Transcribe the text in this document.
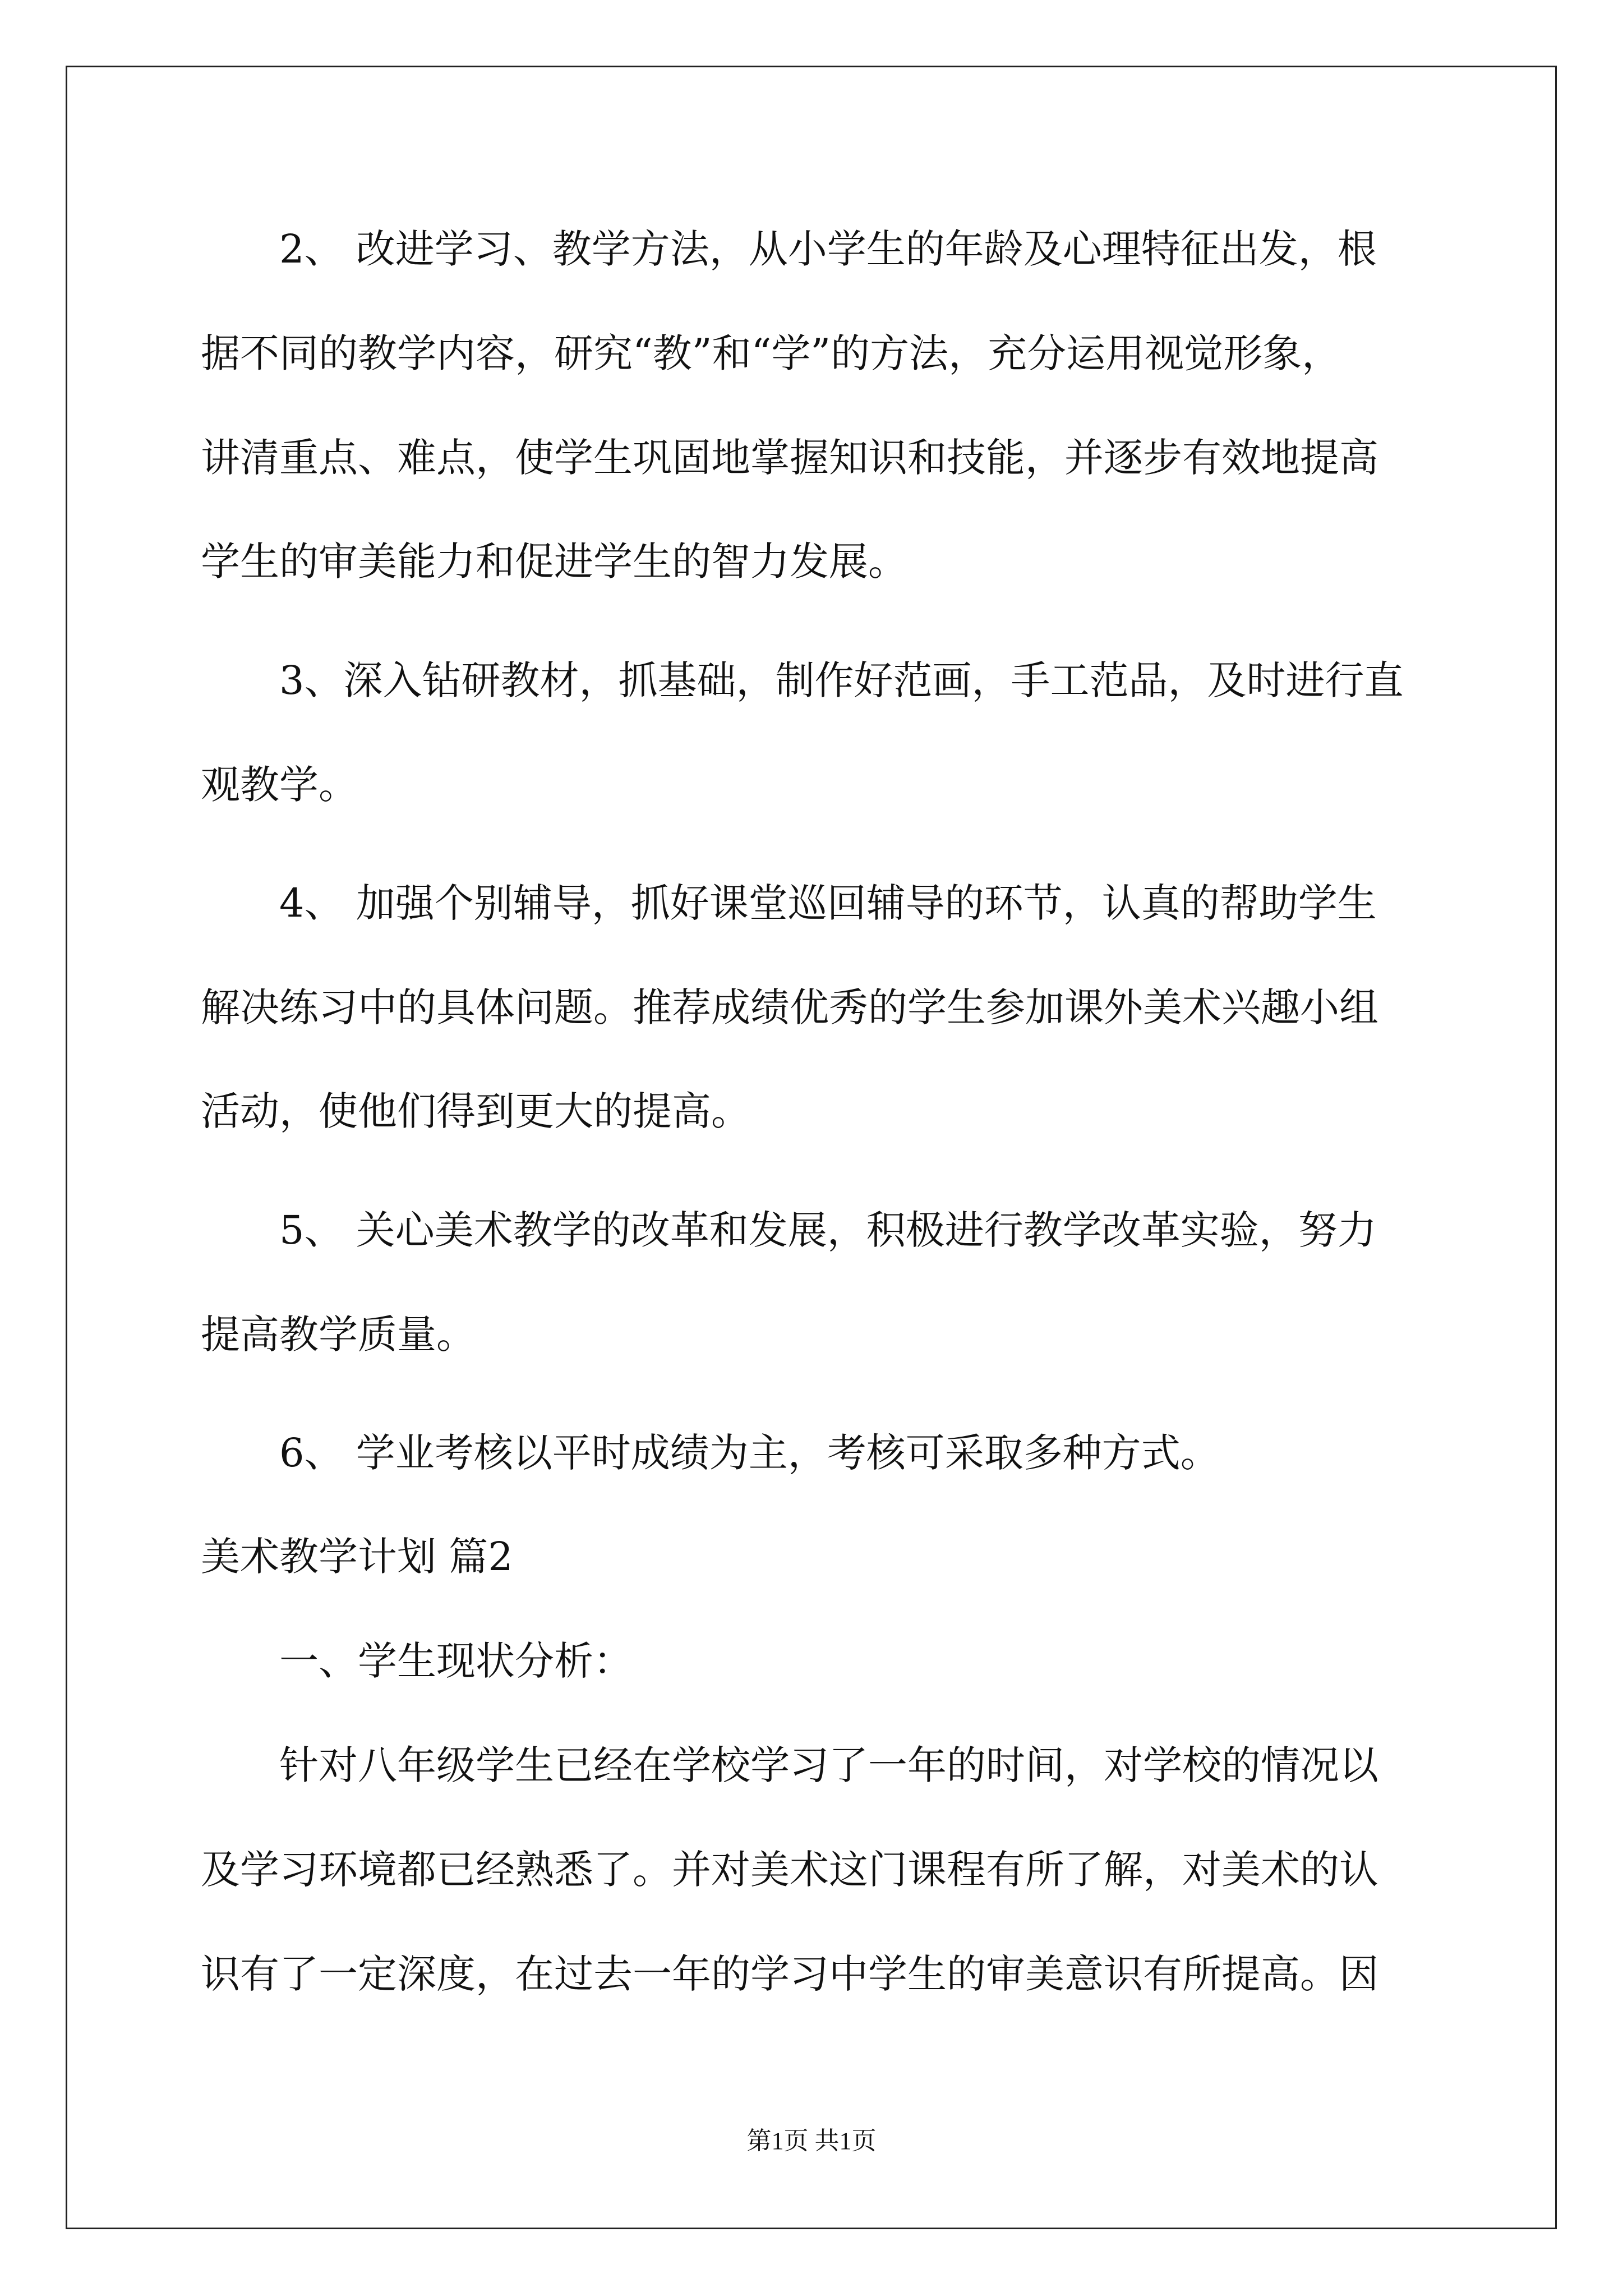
2、 改进学习、教学方法，从小学生的年龄及心理特征出发，根
据不同的教学内容，研究“教”和“学”的方法，充分运用视觉形象，
讲清重点、难点，使学生巩固地掌握知识和技能，并逐步有效地提高
学生的审美能力和促进学生的智力发展。
3、深入钻研教材，抓基础，制作好范画，手工范品，及时进行直
观教学。
4、 加强个别辅导，抓好课堂巡回辅导的环节，认真的帮助学生
解决练习中的具体问题。推荐成绩优秀的学生参加课外美术兴趣小组
活动，使他们得到更大的提高。
5、 关心美术教学的改革和发展，积极进行教学改革实验，努力
提高教学质量。
6、 学业考核以平时成绩为主，考核可采取多种方式。
美术教学计划 篇2
一、学生现状分析：
针对八年级学生已经在学校学习了一年的时间，对学校的情况以
及学习环境都已经熟悉了。并对美术这门课程有所了解，对美术的认
识有了一定深度，在过去一年的学习中学生的审美意识有所提高。因
第1页 共1页
